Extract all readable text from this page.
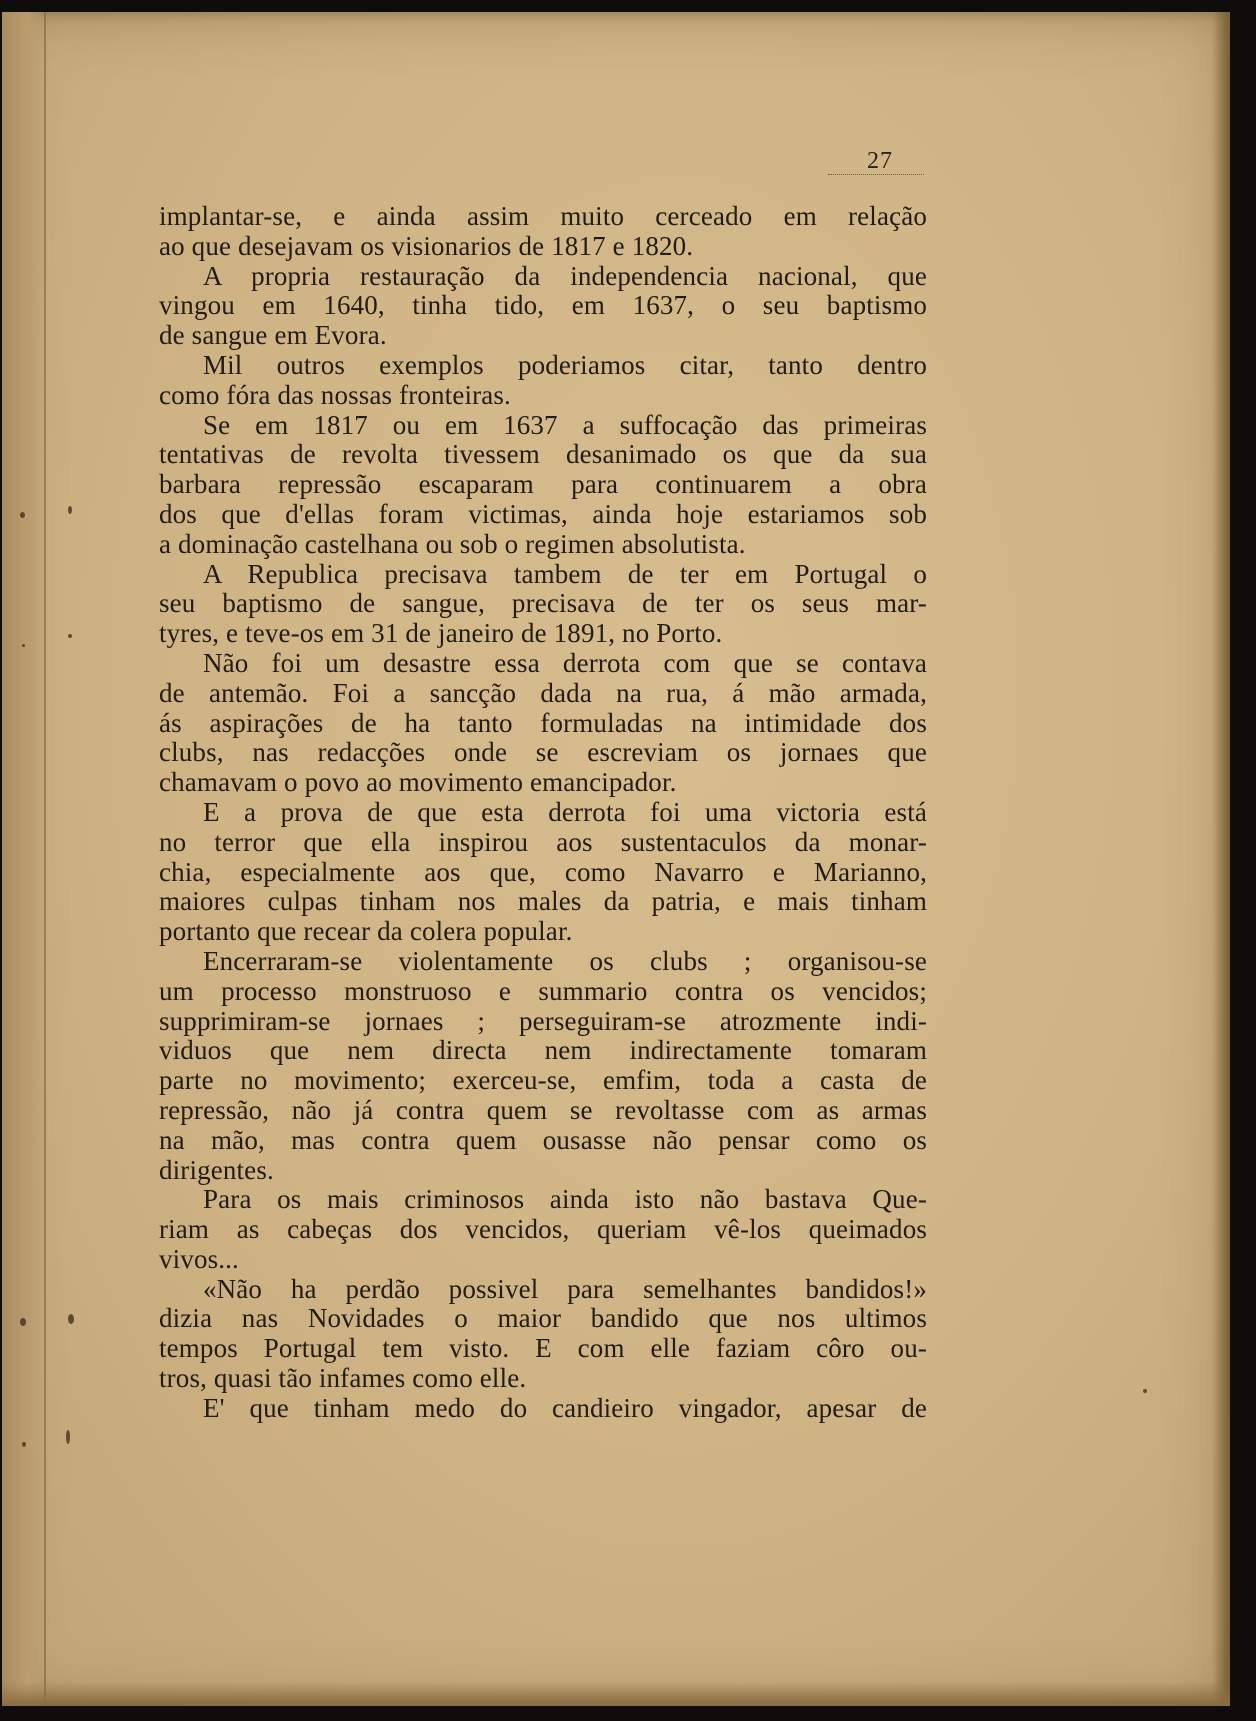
27
implantar-se, e ainda assim muito cerceado em relação
ao que desejavam os visionarios de 1817 e 1820.
A propria restauração da independencia nacional, que
vingou em 1640, tinha tido, em 1637, o seu baptismo
de sangue em Evora.
Mil outros exemplos poderiamos citar, tanto dentro
como fóra das nossas fronteiras.
Se em 1817 ou em 1637 a suffocação das primeiras
tentativas de revolta tivessem desanimado os que da sua
barbara repressão escaparam para continuarem a obra
dos que d'ellas foram victimas, ainda hoje estariamos sob
a dominação castelhana ou sob o regimen absolutista.
A Republica precisava tambem de ter em Portugal o
seu baptismo de sangue, precisava de ter os seus mar-
tyres, e teve-os em 31 de janeiro de 1891, no Porto.
Não foi um desastre essa derrota com que se contava
de antemão. Foi a sancção dada na rua, á mão armada,
ás aspirações de ha tanto formuladas na intimidade dos
clubs, nas redacções onde se escreviam os jornaes que
chamavam o povo ao movimento emancipador.
E a prova de que esta derrota foi uma victoria está
no terror que ella inspirou aos sustentaculos da monar-
chia, especialmente aos que, como Navarro e Marianno,
maiores culpas tinham nos males da patria, e mais tinham
portanto que recear da colera popular.
Encerraram-se violentamente os clubs ; organisou-se
um processo monstruoso e summario contra os vencidos;
supprimiram-se jornaes ; perseguiram-se atrozmente indi-
viduos que nem directa nem indirectamente tomaram
parte no movimento; exerceu-se, emfim, toda a casta de
repressão, não já contra quem se revoltasse com as armas
na mão, mas contra quem ousasse não pensar como os
dirigentes.
Para os mais criminosos ainda isto não bastava Que-
riam as cabeças dos vencidos, queriam vê-los queimados
vivos...
«Não ha perdão possivel para semelhantes bandidos!»
dizia nas Novidades o maior bandido que nos ultimos
tempos Portugal tem visto. E com elle faziam côro ou-
tros, quasi tão infames como elle.
E' que tinham medo do candieiro vingador, apesar de
